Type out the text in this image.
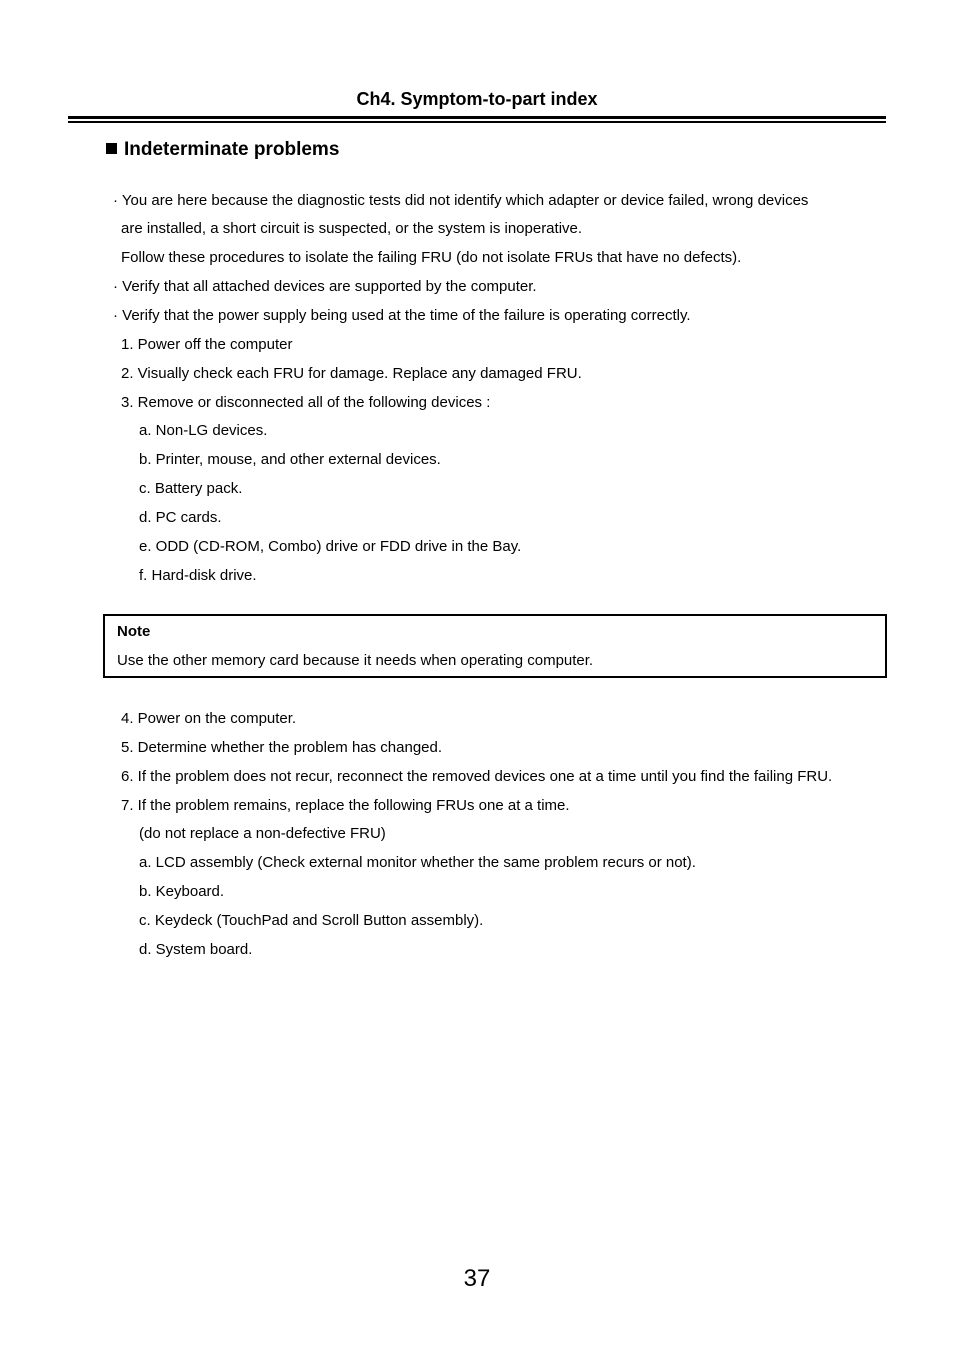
Ch4. Symptom-to-part index
Indeterminate problems
· You are here because the diagnostic tests did not identify which adapter or device failed, wrong devices
are installed, a short circuit is suspected, or the system is inoperative.
Follow these procedures to isolate the failing FRU (do not isolate FRUs that have no defects).
· Verify that all attached devices are supported by the computer.
· Verify that the power supply being used at the time of the failure is operating correctly.
1. Power off the computer
2. Visually check each FRU for damage. Replace any damaged FRU.
3. Remove or disconnected all of the following devices :
a. Non-LG devices.
b. Printer, mouse, and other external devices.
c. Battery pack.
d. PC cards.
e. ODD (CD-ROM, Combo) drive or FDD drive in the Bay.
f. Hard-disk drive.
Note
Use the other memory card because it needs when operating computer.
4. Power on the computer.
5. Determine whether the problem has changed.
6. If the problem does not recur, reconnect the removed devices one at a time until you find the failing FRU.
7. If the problem remains, replace the following FRUs one at a time.
(do not replace a non-defective FRU)
a. LCD assembly (Check external monitor whether the same problem recurs or not).
b. Keyboard.
c. Keydeck (TouchPad and Scroll Button assembly).
d. System board.
37
